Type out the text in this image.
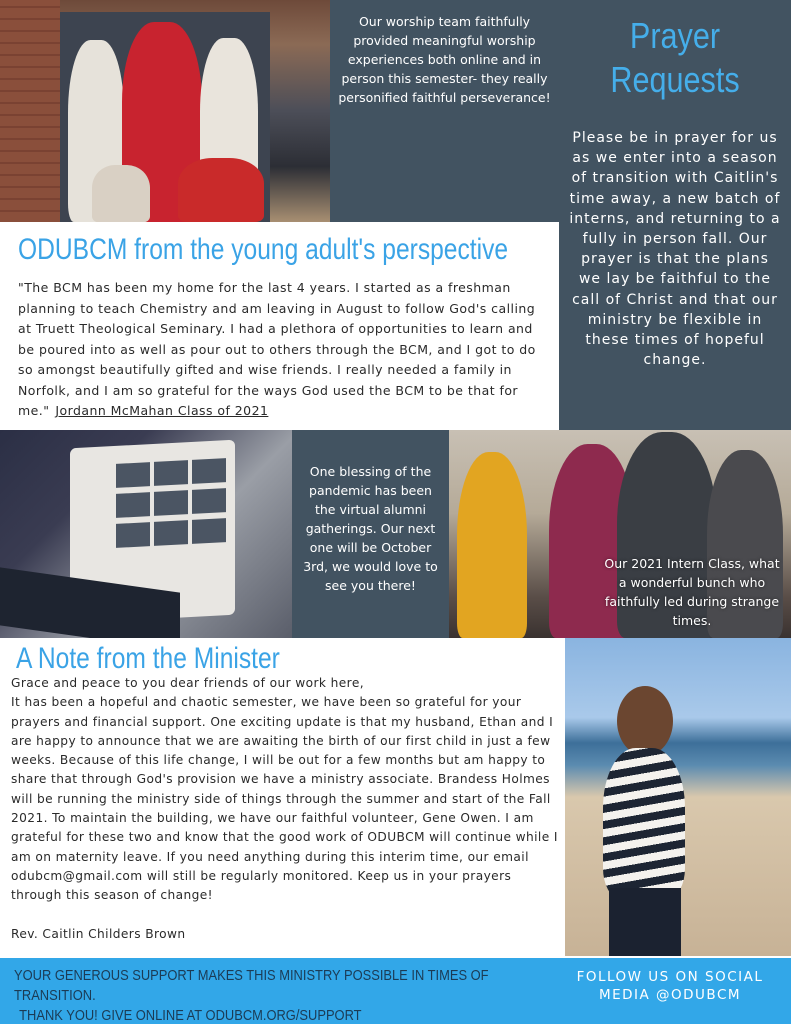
Our worship team faithfully provided meaningful worship experiences both online and in person this semester- they really personified faithful perseverance!
Prayer
Requests
Please be in prayer for us as we enter into a season of transition with Caitlin's time away, a new batch of interns, and returning to a fully in person fall. Our prayer is that the plans we lay be faithful to the call of Christ and that our ministry be flexible in these times of hopeful change.
ODUBCM from the young adult's perspective
"The BCM has been my home for the last 4 years. I started as a freshman planning to teach Chemistry and am leaving in August to follow God's calling at Truett Theological Seminary. I had a plethora of opportunities to learn and be poured into as well as pour out to others through the BCM, and I got to do so amongst beautifully gifted and wise friends. I really needed a family in Norfolk, and I am so grateful for the ways God used the BCM to be that for me." Jordann McMahan Class of 2021
One blessing of the pandemic has been the virtual alumni gatherings. Our next one will be October 3rd, we would love to see you there!
Our 2021 Intern Class, what a wonderful bunch who faithfully led during strange times.
A Note from the Minister

Grace and peace to you dear friends of our work here,

It has been a hopeful and chaotic semester, we have been so grateful for your prayers and financial support. One exciting update is that my husband, Ethan and I are happy to announce that we are awaiting the birth of our first child in just a few weeks. Because of this life change, I will be out for a few months but am happy to share that through God's provision we have a ministry associate. Brandess Holmes will be running the ministry side of things through the summer and start of the Fall 2021. To maintain the building, we have our faithful volunteer, Gene Owen. I am grateful for these two and know that the good work of ODUBCM will continue while I am on maternity leave. If you need anything during this interim time, our email odubcm@gmail.com will still be regularly monitored. Keep us in your prayers through this season of change!

Rev. Caitlin Childers Brown

YOUR GENEROUS SUPPORT MAKES THIS MINISTRY POSSIBLE IN TIMES OF TRANSITION.
THANK YOU! GIVE ONLINE AT ODUBCM.ORG/SUPPORT
FOLLOW US ON SOCIAL MEDIA @ODUBCM
